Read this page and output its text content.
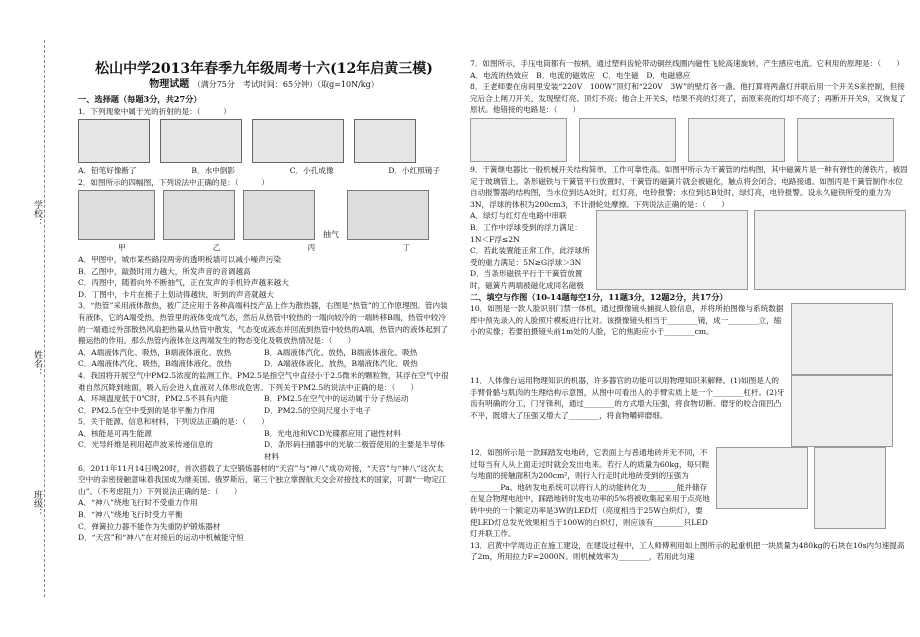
学校：
姓名：
班级：
松山中学2013年春季九年级周考十六(12年启黄三模)
物理试题 （满分75分　考试时间：65分钟）（取g=10N/kg）
一、选择题（每题3分，共27分）

1．下列现象中属于光的折射的是：（　　　）

A．铅笔好像断了	B．水中倒影	C．小孔成像	D．小红照镜子

2．如图所示的四幅图，下列说法中正确的是：（　　　）

抽气
甲	乙	丙	丁

A．甲图中，城市某些路段两旁的透明板墙可以减小噪声污染

B．乙图中，敲鼓时用力越大，所发声音的音调越高

C．丙图中，随着向外不断抽气，正在发声的手机铃声越来越大

D．丁图中，卡片在梳子上划动得越快，听到的声音就越大

3．“热管”采用液体散热，被广泛应用于各种高端科技产品上作为散热器，右图是“热管”的工作原理图。管内装有液体，它的A端受热，热管里的液体变成气态，然后从热管中较热的一端向较冷的一端转移B端，热管中较冷的一端通过外部散热风扇把热量从热管中散发，气态变成液态并回流到热管中较热的A端，热管内的液体起到了搬运热的作用。那么热管内液体在这两端发生的物态变化及吸放热情况是：（　　）

A．A端液体汽化、吸热，B端液体液化、放热	B．A端液体汽化、放热，B端液体液化、吸热
C．A端液体汽化、吸热，B端液体液化、放热	D．A端液体液化、放热，B端液体汽化、吸热

4．我国将开展空气中PM2.5浓度的监测工作。PM2.5是指空气中直径小于2.5微米的颗粒物，其浮在空气中很难自然沉降到地面，吸入后会进入血液对人体形成危害。下列关于PM2.5的说法中正确的是：（　　）

A．环境温度低于0℃时，PM2.5不具有内能	B．PM2.5在空气中的运动属于分子热运动
C．PM2.5在空中受到的是非平衡力作用	D．PM2.5的空间尺度小于电子

5．关于能源、信息和材料，下列说法正确的是：（　　）

A．核能是可再生能源	B．光电池和VCD光碟都应用了磁性材料
C．光导纤维是利用超声波来传递信息的	D．条形码扫描器中的光敏二极管使用的主要是半导体材料

6．2011年11月14日晚20时，首次搭载了太空锻炼器材的“天宫”与“神八”成功对接，“天宫”与“神八”这次太空中的亲密接触意味着我国成为继美国、俄罗斯后，第三个独立掌握航天交会对接技术的国家，可谓“一吻定江山”。（不考虑阻力）下列说法正确的是：（　　）

A．“神八”绕地飞行时不受重力作用

B．“神八”绕地飞行时受力平衡

C．弹簧拉力器不能作为失重防护锻炼器材

D．“天宫”和“神八”在对接后的运动中机械能守恒

7．如图所示，手压电筒都有一按柄，通过塑料齿轮带动铜丝线圈内磁性飞轮高速旋转，产生感应电流。它利用的原理是：（　　）A．电流的热效应　B．电流的磁效应　C．电生磁　D．电磁感应

8．王老师要在房间里安装“220V　100W”顶灯和“220V　3W”的壁灯各一盏。他打算将两盏灯并联后用一个开关S来控制，但接完后合上闸刀开关，发现壁灯亮、顶灯不亮；他合上开关S，结果不亮的灯亮了，而原来亮的灯却不亮了；再断开开关S，又恢复了原状。他错接的电路是：（　　）

9．干簧继电器比一般机械开关结构简单，工作可靠性高。如图甲所示为干簧管的结构图，其中磁簧片是一种有弹性的薄铁片，被固定于玻璃管上。条形磁铁与干簧管平行放置时，干簧管的磁簧片就会被磁化，触点将会闭合，电路接通。如图丙是干簧管制作水位自动报警器的结构图，当水位到达A处时，红灯亮，电铃报警；水位到达B处时，绿灯亮，电铃报警。设永久磁铁所受的重力为3N，浮球的体积为200cm3，不计滑轮处摩擦。下列说法正确的是：（　　）

A．绿灯与红灯在电路中串联

B．工作中浮球受到的浮力满足：1N＜F浮≤2N

C．若此装置能正常工作，此浮球所受的重力满足：5N≥G浮球＞3N

D．当条形磁铁平行于干簧管放置时，磁簧片两端被磁化成同名磁极

二、填空与作图（10-14题每空1分，11题3分，12题2分，共17分）

10．如图是一款人脸识别门禁一体机，通过摄像镜头捕捉人脸信息，并将所拍图像与系统数据库中预先录入的人脸照片模板进行比对。该摄像镜头相当于________镜，成一________立，缩小的实像；若要拍摄镜头前1m处的人脸，它的焦距应小于________cm。

11．人体像台运用物理知识的机器，许多器官的功能可以用物理知识来解释。(1)如图是人的手臂骨骼与肌肉的生理结构示意图，从图中可看出人的手臂实质上是一个________杠杆。(2)牙齿有明确的分工，门牙锋利，通过________的方式增大压强，将食物切断。磨牙的咬合面凹凸不平，既增大了压强又增大了________，将食物嚼碎磨细。

12．如图所示是一款踩踏发电地砖，它表面上与普通地砖并无不同，不过每当有人从上面走过时就会发出电来。若行人的质量为60kg，每只鞋与地面的接触面积为200cm²，则行人行走时此地砖受到的压强为________Pa。地砖发电系统可以将行人的动能转化为________能并储存在复合物理电池中，踩踏地砖时发电功率的5%将被收集起来用于点亮地砖中央的一个额定功率是3W的LED灯（亮度相当于25W白炽灯），要使LED灯总发光效果相当于100W的白炽灯，则应该有________只LED灯并联工作。

13．启黄中学周边正在施工建设，在建设过程中，工人师傅利用如上图所示的起重机把一块质量为480kg的石块在10s内匀速提高了2m，所用拉力F=2000N。则机械效率为________，若用此匀速
